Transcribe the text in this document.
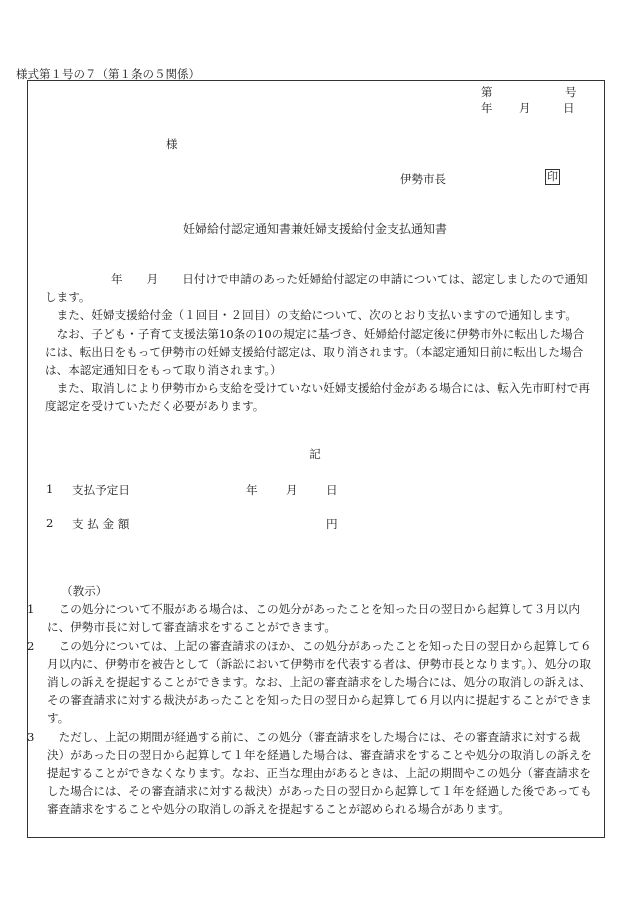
様式第１号の７（第１条の５関係）
第	号
年 月	日
様
伊勢市長	印
妊婦給付認定通知書兼妊婦支援給付金支払通知書

年 月 日付けで申請のあった妊婦給付認定の申請については、認定しましたので通知します。

また、妊婦支援給付金（１回目・２回目）の支給について、次のとおり支払いますので通知します。

なお、子ども・子育て支援法第10条の10の規定に基づき、妊婦給付認定後に伊勢市外に転出した場合には、転出日をもって伊勢市の妊婦支援給付認定は、取り消されます。（本認定通知日前に転出した場合は、本認定通知日をもって取り消されます。）

また、取消しにより伊勢市から支給を受けていない妊婦支援給付金がある場合には、転入先市町村で再度認定を受けていただく必要があります。

記
1 支払予定日	年 月 日
2 支 払 金 額	円
（教示）
1	この処分について不服がある場合は、この処分があったことを知った日の翌日から起算して３月以内に、伊勢市長に対して審査請求をすることができます。
2	この処分については、上記の審査請求のほか、この処分があったことを知った日の翌日から起算して６月以内に、伊勢市を被告として（訴訟において伊勢市を代表する者は、伊勢市長となります。）、処分の取消しの訴えを提起することができます。なお、上記の審査請求をした場合には、処分の取消しの訴えは、その審査請求に対する裁決があったことを知った日の翌日から起算して６月以内に提起することができます。
3	ただし、上記の期間が経過する前に、この処分（審査請求をした場合には、その審査請求に対する裁決）があった日の翌日から起算して１年を経過した場合は、審査請求をすることや処分の取消しの訴えを提起することができなくなります。なお、正当な理由があるときは、上記の期間やこの処分（審査請求をした場合には、その審査請求に対する裁決）があった日の翌日から起算して１年を経過した後であっても審査請求をすることや処分の取消しの訴えを提起することが認められる場合があります。
